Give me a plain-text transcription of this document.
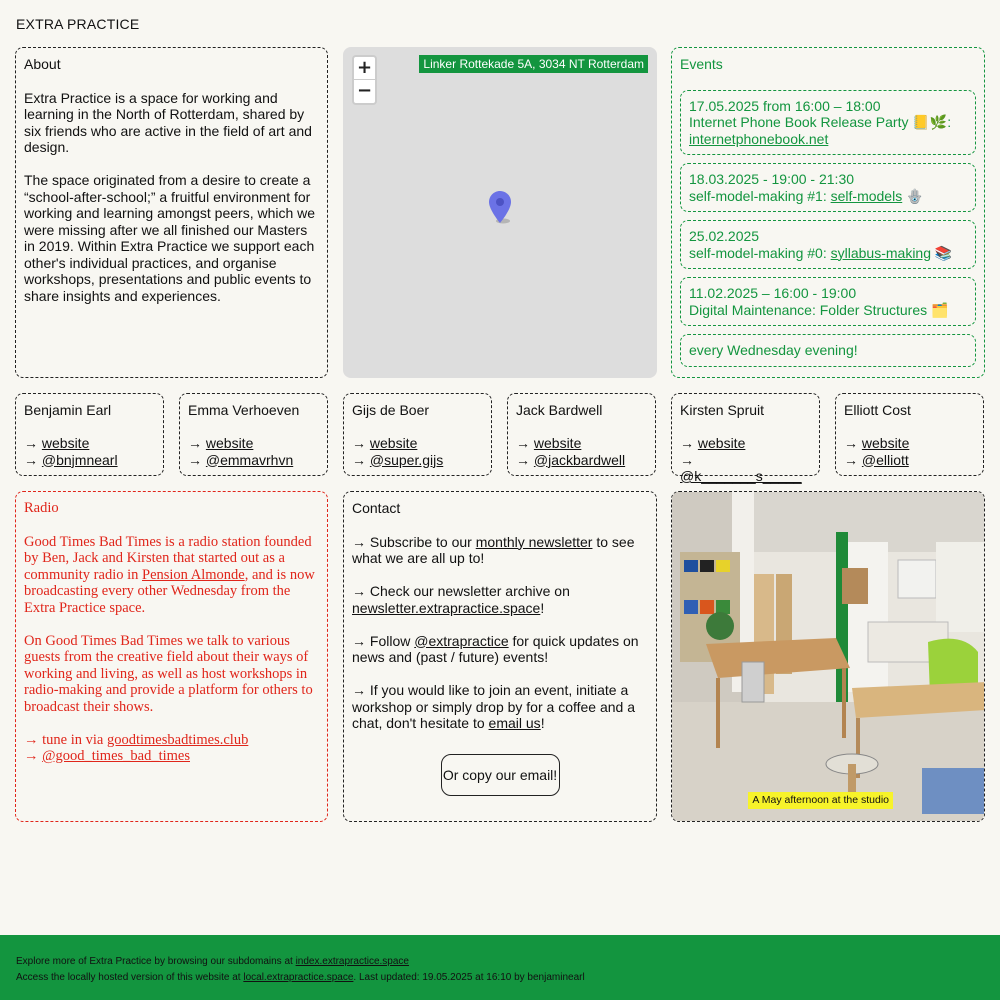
EXTRA PRACTICE
About

Extra Practice is a space for working and learning in the North of Rotterdam, shared by six friends who are active in the field of art and design.

The space originated from a desire to create a “school-after-school;” a fruitful environment for working and learning amongst peers, which we were missing after we all finished our Masters in 2019. Within Extra Practice we support each other's individual practices, and organise workshops, presentations and public events to share insights and experiences.

+
−
Linker Rottekade 5A, 3034 NT Rotterdam	Events
17.05.2025 from 16:00 – 18:00
Internet Phone Book Release Party 📒🌿:
internetphonebook.net
18.03.2025 - 19:00 - 21:30
self-model-making #1: self-models 🪬
25.02.2025
self-model-making #0: syllabus-making 📚
11.02.2025 – 16:00 - 19:00
Digital Maintenance: Folder Structures 🗂️
every Wednesday evening!
Benjamin Earl
→ website
→ @bnjmnearl
Emma Verhoeven
→ website
→ @emmavrhvn
Gijs de Boer
→ website
→ @super.gijs
Jack Bardwell
→ website
→ @jackbardwell
Kirsten Spruit
→ website
→ @k_______s_____
Elliott Cost
→ website
→ @elliott
Radio

Good Times Bad Times is a radio station founded by Ben, Jack and Kirsten that started out as a community radio in Pension Almonde, and is now broadcasting every other Wednesday from the Extra Practice space.

On Good Times Bad Times we talk to various guests from the creative field about their ways of working and living, as well as host workshops in radio-making and provide a platform for others to broadcast their shows.

→ tune in via goodtimesbadtimes.club
→ @good_times_bad_times
Contact

→ Subscribe to our monthly newsletter to see what we are all up to!

→ Check our newsletter archive on newsletter.extrapractice.space!

→ Follow @extrapractice for quick updates on news and (past / future) events!

→ If you would like to join an event, initiate a workshop or simply drop by for a coffee and a chat, don't hesitate to email us!

Or copy our email!
A May afternoon at the studio
Explore more of Extra Practice by browsing our subdomains at index.extrapractice.space
Access the locally hosted version of this website at local.extrapractice.space. Last updated: 19.05.2025 at 16:10 by benjaminearl
